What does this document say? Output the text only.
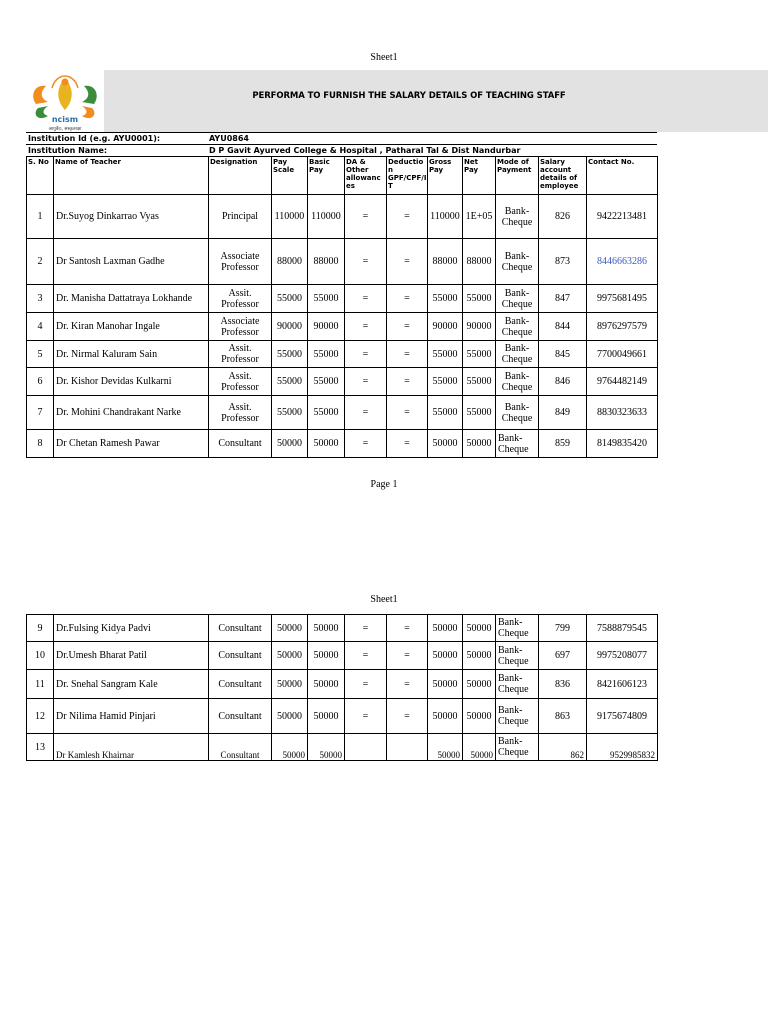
Sheet1
ncism
आयुर्वेदः, संस्कृतरक्षा
PERFORMA TO FURNISH THE SALARY DETAILS OF TEACHING STAFF
Institution Id (e.g. AYU0001):	AYU0864
Institution Name:	D P Gavit Ayurved College & Hospital , Patharal Tal & Dist Nandurbar
S. No	Name of Teacher	Designation	Pay Scale	Basic Pay	DA & Other allowanc es	Deductio n GPF/CPF/I T	Gross Pay	Net Pay	Mode of Payment	Salary account details of employee	Contact No.
1	Dr.Suyog Dinkarrao Vyas	Principal	110000	110000	=	=	110000	1E+05	Bank-Cheque	826	9422213481
2	Dr Santosh Laxman Gadhe	Associate Professor	88000	88000	=	=	88000	88000	Bank-Cheque	873	8446663286
3	Dr. Manisha Dattatraya Lokhande	Assit. Professor	55000	55000	=	=	55000	55000	Bank-Cheque	847	9975681495
4	Dr. Kiran Manohar Ingale	Associate Professor	90000	90000	=	=	90000	90000	Bank-Cheque	844	8976297579
5	Dr. Nirmal Kaluram Sain	Assit. Professor	55000	55000	=	=	55000	55000	Bank-Cheque	845	7700049661
6	Dr. Kishor Devidas Kulkarni	Assit. Professor	55000	55000	=	=	55000	55000	Bank-Cheque	846	9764482149
7	Dr. Mohini Chandrakant Narke	Assit. Professor	55000	55000	=	=	55000	55000	Bank-Cheque	849	8830323633
8	Dr Chetan Ramesh Pawar	Consultant	50000	50000	=	=	50000	50000	Bank-Cheque	859	8149835420
Page 1
Sheet1
9	Dr.Fulsing Kidya Padvi	Consultant	50000	50000	=	=	50000	50000	Bank-Cheque	799	7588879545
10	Dr.Umesh Bharat Patil	Consultant	50000	50000	=	=	50000	50000	Bank-Cheque	697	9975208077
11	Dr. Snehal Sangram Kale	Consultant	50000	50000	=	=	50000	50000	Bank-Cheque	836	8421606123
12	Dr Nilima Hamid Pinjari	Consultant	50000	50000	=	=	50000	50000	Bank-Cheque	863	9175674809
13	Dr Kamlesh Khairnar	Consultant	50000	50000			50000	50000	Bank-Cheque	862	9529985832
